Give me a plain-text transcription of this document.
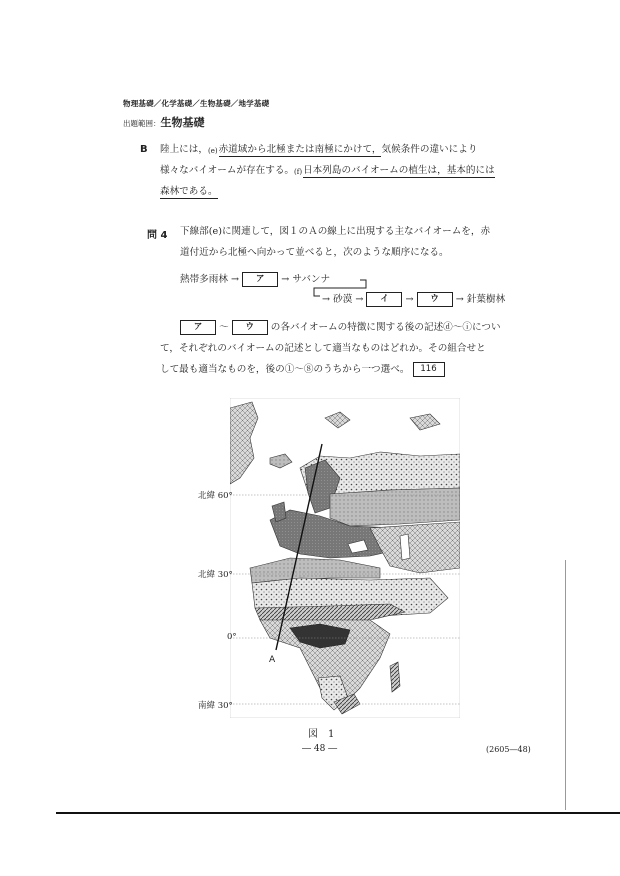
物理基礎／化学基礎／生物基礎／地学基礎
出題範囲：生物基礎
B 陸上には，(e)赤道域から北極または南極にかけて，気候条件の違いにより
様々なバイオームが存在する。(f)日本列島のバイオームの植生は，基本的には
森林である。
問 4 下線部(e)に関連して，図１のＡの線上に出現する主なバイオームを，赤
道付近から北極へ向かって並べると，次のような順序になる。
熱帯多雨林 → ア → サバンナ
→ 砂漠 → イ → ウ → 針葉樹林
ア ～ ウ の各バイオームの特徴に関する後の記述ⓓ～ⓘについ
て，それぞれのバイオームの記述として適当なものはどれか。その組合せと
して最も適当なものを，後の①～⑧のうちから一つ選べ。 116
北緯 60°
北緯 30°
0°
南緯 30°
A
図　1
― 48 ―	(2605―48)
